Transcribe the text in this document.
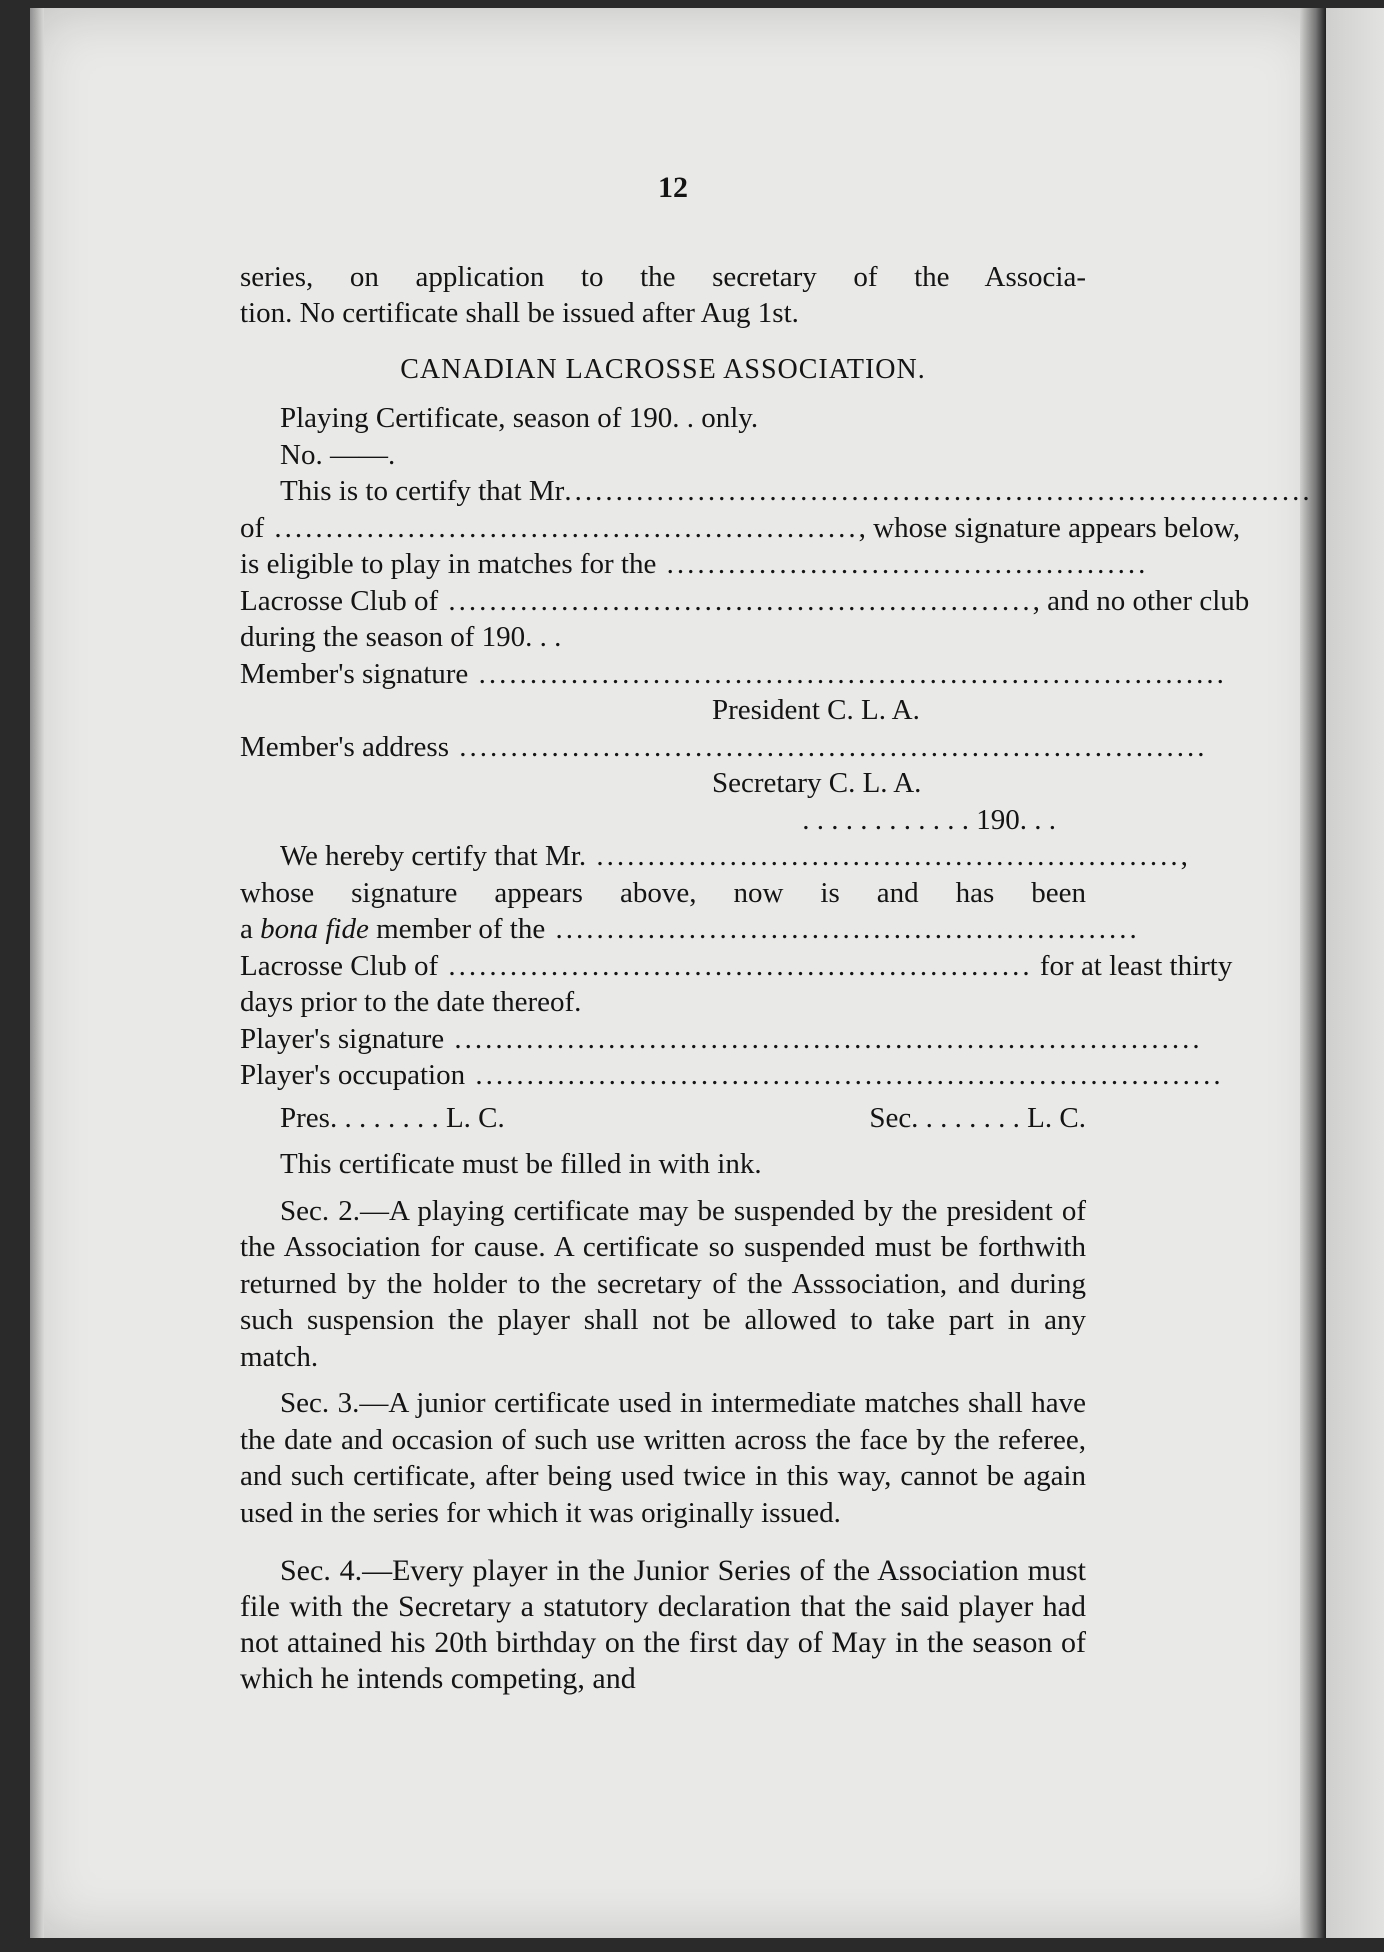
12

series, on application to the secretary of the Associa-

tion. No certificate shall be issued after Aug 1st.

CANADIAN LACROSSE ASSOCIATION.

Playing Certificate, season of 190. . only.

No. ——.

This is to certify that Mr .........................................................................
of ......................................................... , whose signature appears below,
is eligible to play in matches for the ...............................................
Lacrosse Club of ......................................................... , and no other club

during the season of 190. . .

Member's signature .........................................................................

President C. L. A.

Member's address .........................................................................

Secretary C. L. A.

. . . . . . . . . . . . 190. . .

We hereby certify that Mr. ......................................................... ,

whose signature appears above, now is and has been

a bona fide member of the .........................................................
Lacrosse Club of ......................................................... for at least thirty

days prior to the date thereof.

Player's signature .........................................................................
Player's occupation .........................................................................
Pres. . . . . . . . L. C.	Sec. . . . . . . . L. C.

This certificate must be filled in with ink.

Sec. 2.—A playing certificate may be suspended by the president of the Association for cause. A certificate so suspended must be forthwith returned by the holder to the secretary of the Asssociation, and during such suspension the player shall not be allowed to take part in any match.

Sec. 3.—A junior certificate used in intermediate matches shall have the date and occasion of such use written across the face by the referee, and such certificate, after being used twice in this way, cannot be again used in the series for which it was originally issued.

Sec. 4.—Every player in the Junior Series of the Association must file with the Secretary a statutory declaration that the said player had not attained his 20th birthday on the first day of May in the season of which he intends competing, and
